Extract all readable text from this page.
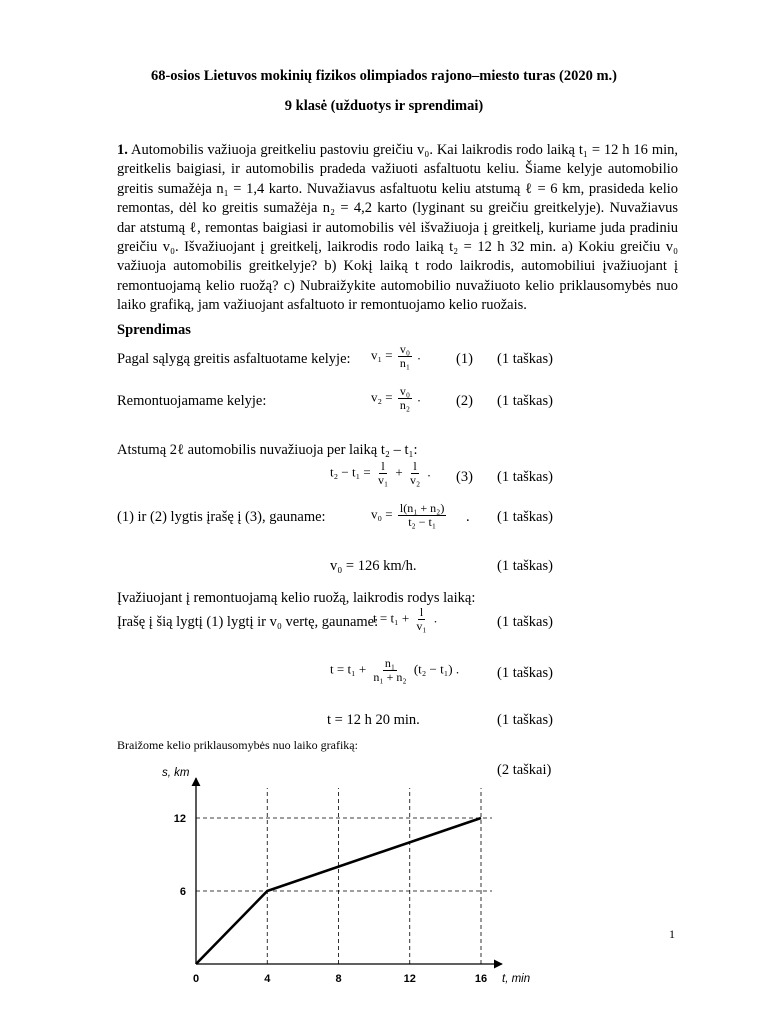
68-osios Lietuvos mokinių fizikos olimpiados rajono–miesto turas (2020 m.)
9 klasė (užduotys ir sprendimai)
1. Automobilis važiuoja greitkeliu pastoviu greičiu v₀. Kai laikrodis rodo laiką t₁ = 12 h 16 min, greitkelis baigiasi, ir automobilis pradeda važiuoti asfaltuotu keliu. Šiame kelyje automobilio greitis sumažėja n₁ = 1,4 karto. Nuvažiavus asfaltuotu keliu atstumą ℓ = 6 km, prasideda kelio remontas, dėl ko greitis sumažėja n₂ = 4,2 karto (lyginant su greičiu greitkelyje). Nuvažiavus dar atstumą ℓ, remontas baigiasi ir automobilis vėl išvažiuoja į greitkelį, kuriame juda pradiniu greičiu v₀. Išvažiuojant į greitkelį, laikrodis rodo laiką t₂ = 12 h 32 min. a) Kokiu greičiu v₀ važiuoja automobilis greitkelyje? b) Kokį laiką t rodo laikrodis, automobiliui įvažiuojant į remontuojamą kelio ruožą? c) Nubraižykite automobilio nuvažiuoto kelio priklausomybės nuo laiko grafiką, jam važiuojant asfaltuoto ir remontuojamo kelio ruožais.
Sprendimas
Pagal sąlygą greitis asfaltuotame kelyje: $v_1 = \frac{\text{v₀}}{\text{n₁}}$ . (1) (1 taškas)
Remontuojamame kelyje:	$v_2 = \frac{\text{v₀}}{\text{n₂}}$ . (2) (1 taškas)
Atstumą 2ℓ automobilis nuvažiuoja per laiką t₂ – t₁:
$t_2 - t_1 = \frac{l}{\text{v₁}} + \frac{l}{\text{v₂}}$ . (3) (1 taškas)
(1) ir (2) lygtis įrašę į (3), gauname:	$v_0 = \frac{\text{l(n₁ + n₂)}}{\text{t₂ − t₁}}$ . (1 taškas)
v₀ = 126 km/h.	(1 taškas)
Įvažiuojant į remontuojamą kelio ruožą, laikrodis rodys laiką:
Įrašę į šią lygtį (1) lygtį ir v₀ vertę, gauname:
$t = t_1 + \frac{l}{\text{v₁}}$ .	(1 taškas)
$t = t_1 + \frac{\text{n₁}}{\text{n₁ + n₂}} (t_2 - t_1)$ .	(1 taškas)
t = 12 h 20 min.	(1 taškas)
Braižome kelio priklausomybės nuo laiko grafiką:
(2 taškai)
0	4	8	12	16
6
12
s, km
t, min
1
